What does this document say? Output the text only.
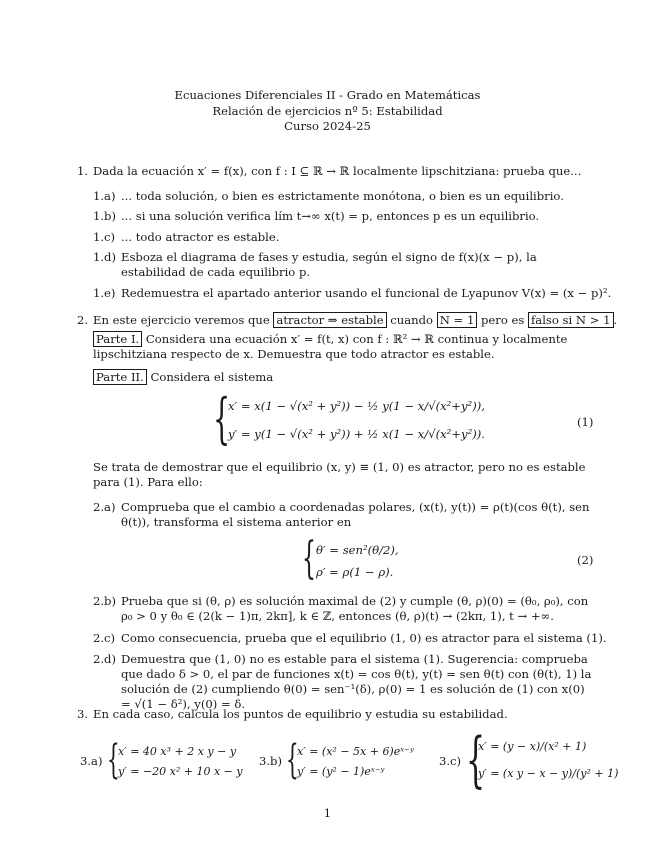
Ecuaciones Diferenciales II - Grado en Matemáticas
Relación de ejercicios nº 5: Estabilidad
Curso 2024-25
1. Dada la ecuación x′ = f(x), con f : I ⊆ ℝ → ℝ localmente lipschitziana: prueba que...
1.a) ... toda solución, o bien es estrictamente monótona, o bien es un equilibrio.
1.b) ... si una solución verifica lím t→∞ x(t) = p, entonces p es un equilibrio.
1.c) ... todo atractor es estable.
1.d) Esboza el diagrama de fases y estudia, según el signo de f(x)(x − p), la estabilidad de cada equilibrio p.
1.e) Redemuestra el apartado anterior usando el funcional de Lyapunov V(x) = (x − p)².
2. En este ejercicio veremos que atractor ⇒ estable cuando N = 1 pero es falso si N > 1 .
Parte I. Considera una ecuación x′ = f(t, x) con f : ℝ² → ℝ continua y localmente lipschitziana respecto de x. Demuestra que todo atractor es estable.
Parte II. Considera el sistema
{
x′ = x(1 − √(x² + y²)) − ½ y(1 − x/√(x²+y²)),
y′ = y(1 − √(x² + y²)) + ½ x(1 − x/√(x²+y²)).
(1)
Se trata de demostrar que el equilibrio (x, y) ≡ (1, 0) es atractor, pero no es estable para (1). Para ello:
2.a) Comprueba que el cambio a coordenadas polares, (x(t), y(t)) = ρ(t)(cos θ(t), sen θ(t)), transforma el sistema anterior en
{ θ′ = sen²(θ/2),
ρ′ = ρ(1 − ρ).
(2)
2.b) Prueba que si (θ, ρ) es solución maximal de (2) y cumple (θ, ρ)(0) = (θ₀, ρ₀), con ρ₀ > 0 y θ₀ ∈ (2(k − 1)π, 2kπ], k ∈ ℤ, entonces (θ, ρ)(t) → (2kπ, 1), t → +∞.
2.c) Como consecuencia, prueba que el equilibrio (1, 0) es atractor para el sistema (1).
2.d) Demuestra que (1, 0) no es estable para el sistema (1). Sugerencia: comprueba que dado δ > 0, el par de funciones x(t) = cos θ(t), y(t) = sen θ(t) con (θ(t), 1) la solución de (2) cumpliendo θ(0) = sen⁻¹(δ), ρ(0) = 1 es solución de (1) con x(0) = √(1 − δ²), y(0) = δ.
3. En cada caso, calcula los puntos de equilibrio y estudia su estabilidad.
3.a) {
x′ = 40 x³ + 2 x y − y
y′ = −20 x² + 10 x − y
3.b) {
x′ = (x² − 5x + 6)eˣ⁻ʸ
y′ = (y² − 1)eˣ⁻ʸ
3.c) {
x′ = (y − x)/(x² + 1)
y′ = (x y − x − y)/(y² + 1)
1
